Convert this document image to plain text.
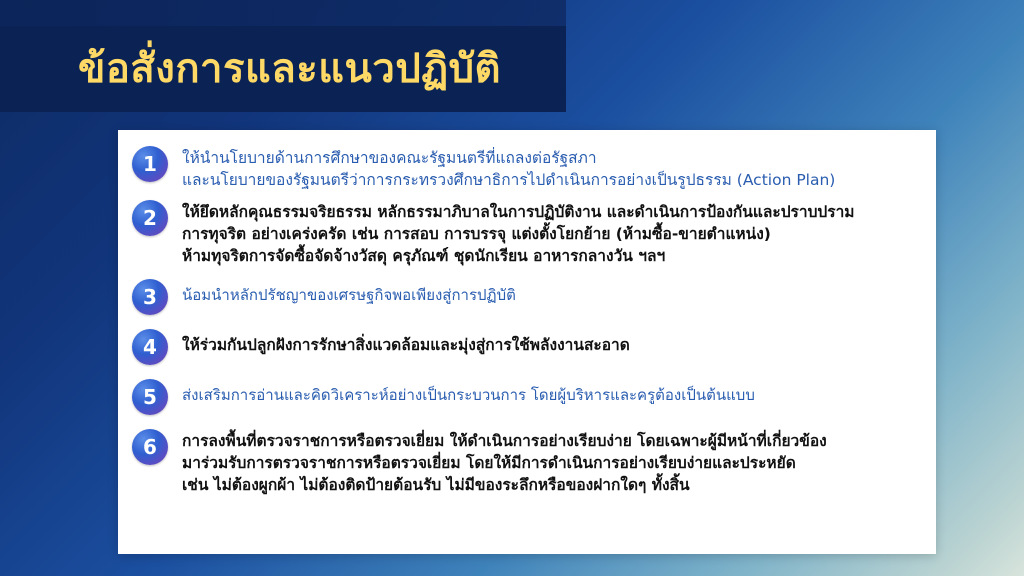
ข้อสั่งการและแนวปฏิบัติ
1	ให้นำนโยบายด้านการศึกษาของคณะรัฐมนตรีที่แถลงต่อรัฐสภา
และนโยบายของรัฐมนตรีว่าการกระทรวงศึกษาธิการไปดำเนินการอย่างเป็นรูปธรรม (Action Plan)
2	ให้ยึดหลักคุณธรรมจริยธรรม หลักธรรมาภิบาลในการปฏิบัติงาน และดำเนินการป้องกันและปราบปราม
การทุจริต อย่างเคร่งครัด เช่น การสอบ การบรรจุ แต่งตั้งโยกย้าย (ห้ามซื้อ-ขายตำแหน่ง)
ห้ามทุจริตการจัดซื้อจัดจ้างวัสดุ ครุภัณฑ์ ชุดนักเรียน อาหารกลางวัน ฯลฯ
3	น้อมนำหลักปรัชญาของเศรษฐกิจพอเพียงสู่การปฏิบัติ
4	ให้ร่วมกันปลูกฝังการรักษาสิ่งแวดล้อมและมุ่งสู่การใช้พลังงานสะอาด
5	ส่งเสริมการอ่านและคิดวิเคราะห์อย่างเป็นกระบวนการ โดยผู้บริหารและครูต้องเป็นต้นแบบ
6	การลงพื้นที่ตรวจราชการหรือตรวจเยี่ยม ให้ดำเนินการอย่างเรียบง่าย โดยเฉพาะผู้มีหน้าที่เกี่ยวข้อง
มาร่วมรับการตรวจราชการหรือตรวจเยี่ยม โดยให้มีการดำเนินการอย่างเรียบง่ายและประหยัด
เช่น ไม่ต้องผูกผ้า ไม่ต้องติดป้ายต้อนรับ ไม่มีของระลึกหรือของฝากใดๆ ทั้งสิ้น
